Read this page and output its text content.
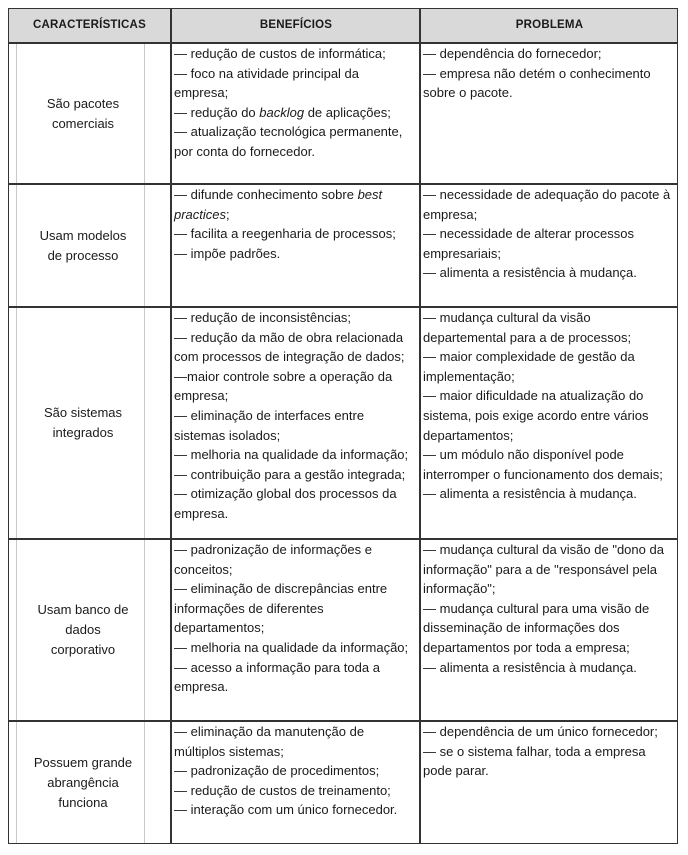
CARACTERÍSTICAS	BENEFÍCIOS	PROBLEMA
São pacotes
comerciais
Usam modelos
de processo
São sistemas
integrados
Usam banco de
dados
corporativo
Possuem grande
abrangência
funciona
— redução de custos de informática;
— foco na atividade principal da
empresa;
— redução do backlog de aplicações;
— atualização tecnológica permanente,
por conta do fornecedor.
— dependência do fornecedor;
— empresa não detém o conhecimento
sobre o pacote.
— difunde conhecimento sobre best
practices;
— facilita a reegenharia de processos;
— impõe padrões.
— necessidade de adequação do pacote à
empresa;
— necessidade de alterar processos
empresariais;
— alimenta a resistência à mudança.
— redução de inconsistências;
— redução da mão de obra relacionada
com processos de integração de dados;
—maior controle sobre a operação da
empresa;
— eliminação de interfaces entre
sistemas isolados;
— melhoria na qualidade da informação;
— contribuição para a gestão integrada;
— otimização global dos processos da
empresa.
— mudança cultural da visão
departemental para a de processos;
— maior complexidade de gestão da
implementação;
— maior dificuldade na atualização do
sistema, pois exige acordo entre vários
departamentos;
— um módulo não disponível pode
interromper o funcionamento dos demais;
— alimenta a resistência à mudança.
— padronização de informações e
conceitos;
— eliminação de discrepâncias entre
informações de diferentes
departamentos;
— melhoria na qualidade da informação;
— acesso a informação para toda a
empresa.
— mudança cultural da visão de "dono da
informação" para a de "responsável pela
informação";
— mudança cultural para uma visão de
disseminação de informações dos
departamentos por toda a empresa;
— alimenta a resistência à mudança.
— eliminação da manutenção de
múltiplos sistemas;
— padronização de procedimentos;
— redução de custos de treinamento;
— interação com um único fornecedor.
— dependência de um único fornecedor;
— se o sistema falhar, toda a empresa
pode parar.
